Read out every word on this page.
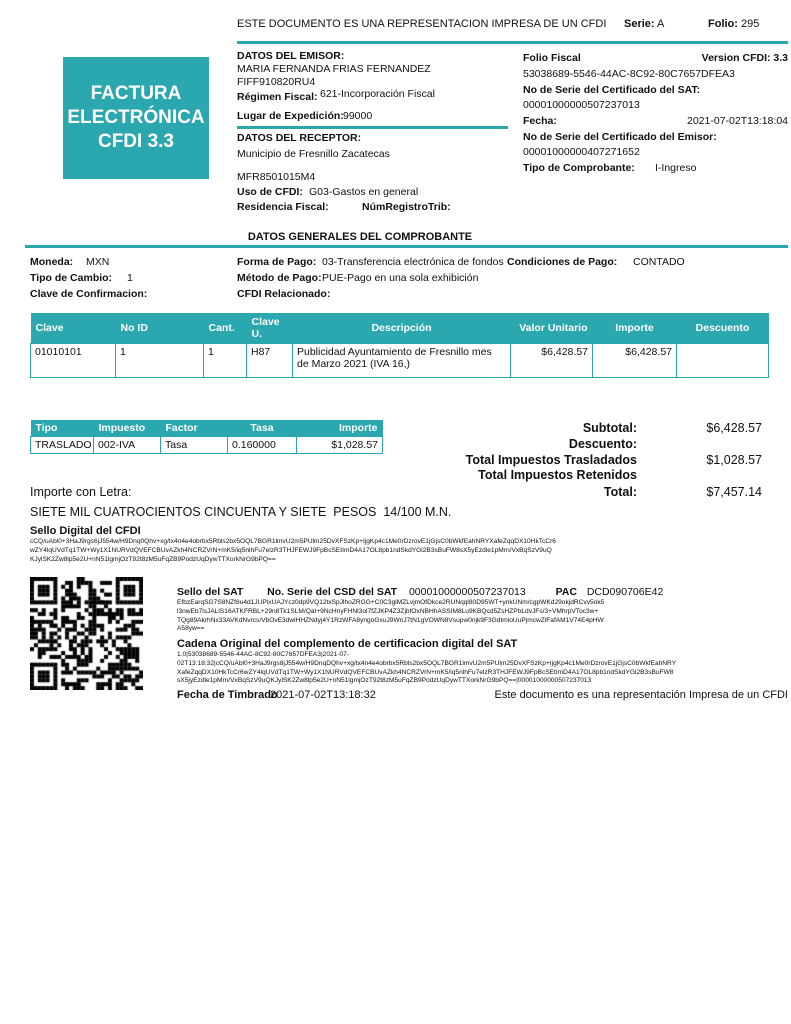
ESTE DOCUMENTO ES UNA REPRESENTACION IMPRESA DE UN CFDI Serie: A	Folio: 295
FACTURA
ELECTRÓNICA
CFDI 3.3
DATOS DEL EMISOR:
MARIA FERNANDA FRIAS FERNANDEZ
FIFF910820RU4
Régimen Fiscal: 621-Incorporación Fiscal
Lugar de Expedición: 99000
DATOS DEL RECEPTOR:
Municipio de Fresnillo Zacatecas
MFR8501015M4
Uso de CFDI: G03-Gastos en general
Residencia Fiscal:	NúmRegistroTrib:
Folio Fiscal	Version CFDI: 3.3
53038689-5546-44AC-8C92-80C7657DFEA3
No de Serie del Certificado del SAT:
00001000000507237013
Fecha:	2021-07-02T13:18:04
No de Serie del Certificado del Emisor:
00001000000407271652
Tipo de Comprobante: I-Ingreso
DATOS GENERALES DEL COMPROBANTE
Moneda: MXN	Forma de Pago: 03-Transferencia electrónica de fondos Condiciones de Pago: CONTADO
Tipo de Cambio: 1	Método de Pago: PUE-Pago en una sola exhibición
Clave de Confirmacion:	CFDI Relacionado:
Clave	No ID	Cant.	Clave U.	Descripción	Valor Unitario	Importe	Descuento
01010101	1	1	H87	Publicidad Ayuntamiento de Fresnillo mes de Marzo 2021 (IVA 16,)	$6,428.57	$6,428.57	
Tipo	Impuesto	Factor	Tasa	Importe
TRASLADO	002-IVA	Tasa	0.160000	$1,028.57
Subtotal:	$6,428.57
Descuento:
Total Impuestos Trasladados	$1,028.57
Total Impuestos Retenidos
Total:	$7,457.14
Importe con Letra:
SIETE MIL CUATROCIENTOS CINCUENTA Y SIETE  PESOS  14/100 M.N.
Sello Digital del CFDI
cCQ/uAbl0+3HaJ9rgs6jJ554w/H9Dnq0Qhv+xg/tx4n4e4obrbx5Rbls2bx5OQL7BGR1lmvU2m5PUlm25DvXFSzKp+IjgKp4c1Me0rDzrovE1jGjsC0bWkfEahNRYXafeZqqDX10HkTcCr6
wZY4lqUVdTq1TW+Wy1X1NURVdQVEFCBUvAZkh4NCRZVrN+mK5/iq5nlhFu7elzR3THJFEWJ9FpBcSEtImD4A17OL8pb1ndSkdYGl2B3sBuFW8sX5yEzdle1pMrn/VxBqSzV9uQ
KJylSK2Zw8lp5e2U+nN51lgmjOzT92t8zM5uFqZB9PodzUqDywTTXorkNrG9bPQ==
Sello del SAT No. Serie del CSD del SAT 00001000000507237013	PAC DCD090706E42
EfbzEarqSG7S8NZf8u4d1JUPlxUAJYcz0dp9VQ12txSpJlhoZRGG+C0C3glMZLvjmOfDkce2RUNqql80D95WT+ynkUNm/cgpWKd29okjdRCvv5ok5
l3nwEb7lsJALlS16ATKFRBL+29n8Tk1SLM/Qat+9NcHnyFHNl3ol7fZJKP4Z3ZjbfOxNBHhASSIM8Lu9KBQcd5ZsHZPbLdvJFs/3+VMhrpVToc3w+
TQg89AkrhNx33AVKdNvrcs/VbOvE3dwlHHZNdyj4Y1RzWFA8yngoGxuJ9WnJ7tN1gVOWN8Vsupw0njk9F3GdtmloUuPjmcwZlFafAM1V74E4pHW
A58yw==
Cadena Original del complemento de certificacion digital del SAT
1.0|53038689-5546-44AC-8C92-80C7657DFEA3|2021-07-
02T13:18:32|cCQ/uAbl0+3HaJ9rgs8jJ554w/H9DnqDQhv+xg/tx4n4e4obrbx5Rbls2bx5OQL7BGR1lmvU2m5PUlm25DvXFSzKp+IjgKp4c1Me0rDzrovE1jGjsC0bWkfEahNRY
XafeZqqDX10HkTcCr6wZY4lqUVdTq1TW+Wy1X1NURVdQVEFCBUvAZkh4NCRZVrN+mK5/iq5nlhFu7elzR3THJFEWJ9FpBcSEtImD4A17OL8pb1ndSkdYGl2B3sBuFW8
sX5jyEzdle1pMrn/VxBqSzV9uQKJylSK2Zw8lp5e2U+nN51lgmjOzT92t8zM5uFqZB9PodzUqDywTTXorkNrG9bPQ==|00001000000507237013
Fecha de Timbrado
2021-07-02T13:18:32	Este documento es una representación Impresa de un CFDI
